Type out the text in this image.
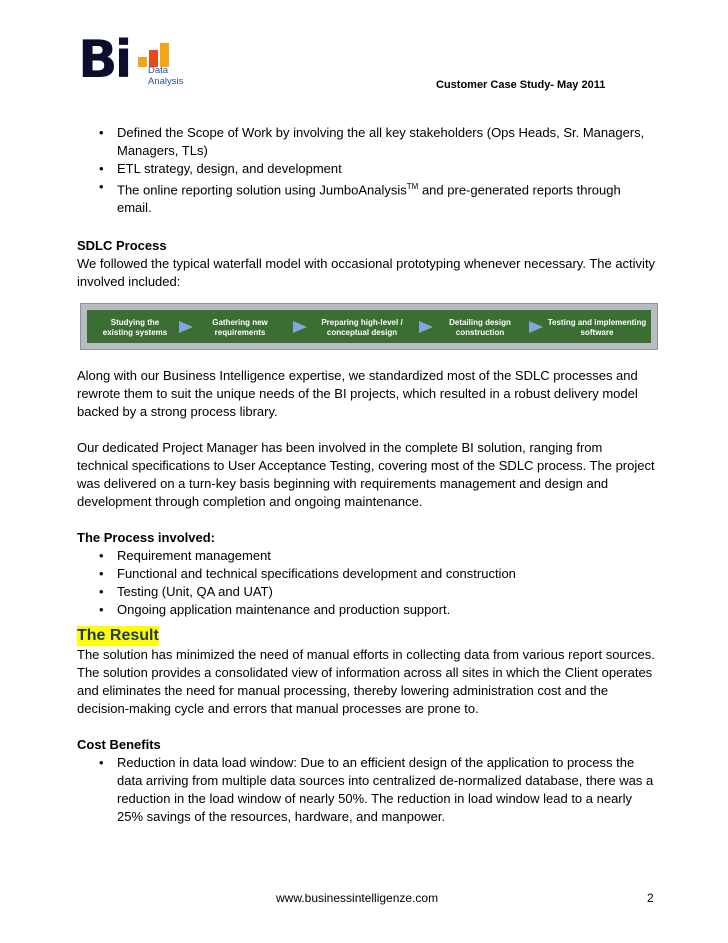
Bi Data
Analysis	Customer Case Study- May 2011
• Defined the Scope of Work by involving the all key stakeholders (Ops Heads, Sr. Managers, Managers, TLs)
• ETL strategy, design, and development
• The online reporting solution using JumboAnalysis™ and pre-generated reports through email.

SDLC Process

We followed the typical waterfall model with occasional prototyping whenever necessary. The activity involved included:

Studying the existing systems
Gathering new requirements
Preparing high-level / conceptual design
Detailing design construction
Testing and implementing software

Along with our Business Intelligence expertise, we standardized most of the SDLC processes and rewrote them to suit the unique needs of the BI projects, which resulted in a robust delivery model backed by a strong process library.

Our dedicated Project Manager has been involved in the complete BI solution, ranging from technical specifications to User Acceptance Testing, covering most of the SDLC process. The project was delivered on a turn-key basis beginning with requirements management and design and development through completion and ongoing maintenance.

The Process involved:

• Requirement management
• Functional and technical specifications development and construction
• Testing (Unit, QA and UAT)
• Ongoing application maintenance and production support.
The Result

The solution has minimized the need of manual efforts in collecting data from various report sources. The solution provides a consolidated view of information across all sites in which the Client operates and eliminates the need for manual processing, thereby lowering administration cost and the decision-making cycle and errors that manual processes are prone to.

Cost Benefits

• Reduction in data load window: Due to an efficient design of the application to process the data arriving from multiple data sources into centralized de-normalized database, there was a reduction in the load window of nearly 50%. The reduction in load window lead to a nearly 25% savings of the resources, hardware, and manpower.
www.businessintelligenze.com	2
